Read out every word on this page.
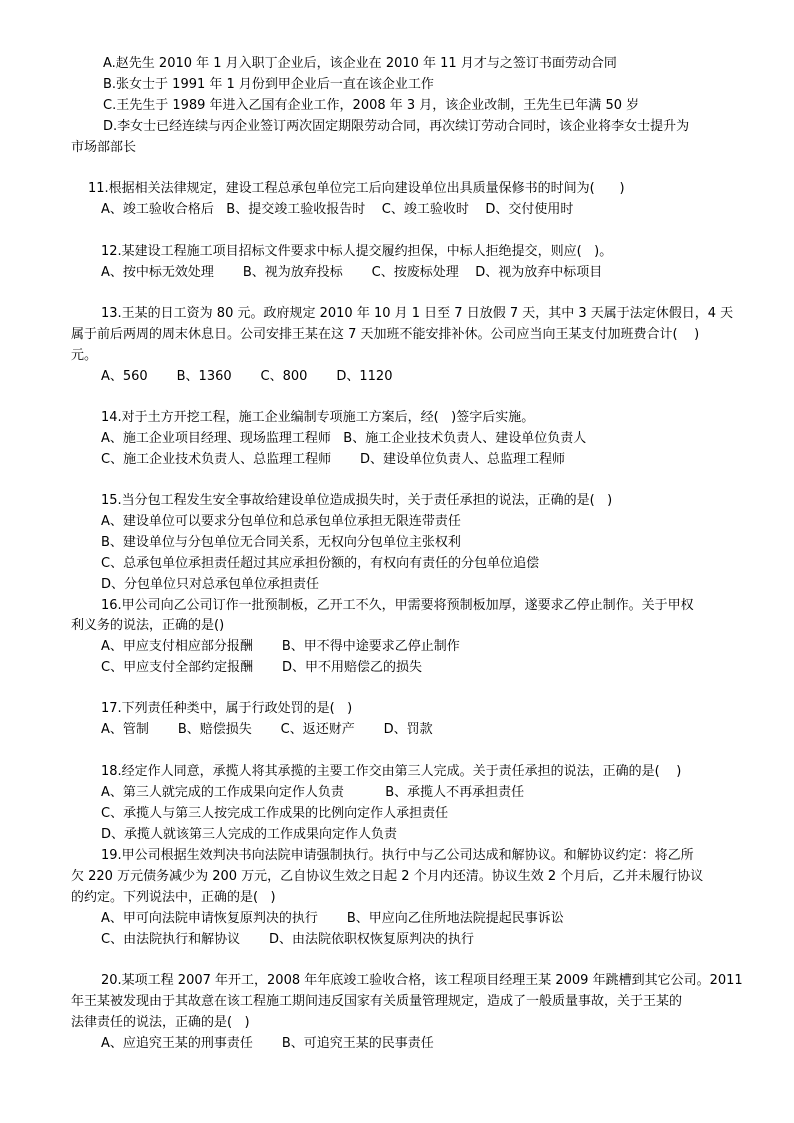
A.赵先生 2010 年 1 月入职丁企业后，该企业在 2010 年 11 月才与之签订书面劳动合同
B.张女士于 1991 年 1 月份到甲企业后一直在该企业工作
C.王先生于 1989 年进入乙国有企业工作，2008 年 3 月，该企业改制，王先生已年满 50 岁
D.李女士已经连续与丙企业签订两次固定期限劳动合同，再次续订劳动合同时，该企业将李女士提升为
市场部部长
11.根据相关法律规定，建设工程总承包单位完工后向建设单位出具质量保修书的时间为(      )
A、竣工验收合格后   B、提交竣工验收报告时    C、竣工验收时    D、交付使用时
12.某建设工程施工项目招标文件要求中标人提交履约担保，中标人拒绝提交，则应(   )。
A、按中标无效处理       B、视为放弃投标       C、按废标处理    D、视为放弃中标项目
13.王某的日工资为 80 元。政府规定 2010 年 10 月 1 日至 7 日放假 7 天，其中 3 天属于法定休假日，4 天
属于前后两周的周末休息日。公司安排王某在这 7 天加班不能安排补休。公司应当向王某支付加班费合计(    )
元。
A、560       B、1360       C、800       D、1120
14.对于土方开挖工程，施工企业编制专项施工方案后，经(   )签字后实施。
A、施工企业项目经理、现场监理工程师   B、施工企业技术负责人、建设单位负责人
C、施工企业技术负责人、总监理工程师       D、建设单位负责人、总监理工程师
15.当分包工程发生安全事故给建设单位造成损失时，关于责任承担的说法，正确的是(   )
A、建设单位可以要求分包单位和总承包单位承担无限连带责任
B、建设单位与分包单位无合同关系，无权向分包单位主张权利
C、总承包单位承担责任超过其应承担份额的，有权向有责任的分包单位追偿
D、分包单位只对总承包单位承担责任
16.甲公司向乙公司订作一批预制板，乙开工不久，甲需要将预制板加厚，遂要求乙停止制作。关于甲权
利义务的说法，正确的是()
A、甲应支付相应部分报酬       B、甲不得中途要求乙停止制作
C、甲应支付全部约定报酬       D、甲不用赔偿乙的损失
17.下列责任种类中，属于行政处罚的是(   )
A、管制       B、赔偿损失       C、返还财产       D、罚款
18.经定作人同意，承揽人将其承揽的主要工作交由第三人完成。关于责任承担的说法，正确的是(    )
A、第三人就完成的工作成果向定作人负责          B、承揽人不再承担责任
C、承揽人与第三人按完成工作成果的比例向定作人承担责任
D、承揽人就该第三人完成的工作成果向定作人负责
19.甲公司根据生效判决书向法院申请强制执行。执行中与乙公司达成和解协议。和解协议约定：将乙所
欠 220 万元债务减少为 200 万元，乙自协议生效之日起 2 个月内还清。协议生效 2 个月后，乙并未履行协议
的约定。下列说法中，正确的是(   )
A、甲可向法院申请恢复原判决的执行       B、甲应向乙住所地法院提起民事诉讼
C、由法院执行和解协议       D、由法院依职权恢复原判决的执行
20.某项工程 2007 年开工，2008 年年底竣工验收合格，该工程项目经理王某 2009 年跳槽到其它公司。2011
年王某被发现由于其故意在该工程施工期间违反国家有关质量管理规定，造成了一般质量事故，关于王某的
法律责任的说法，正确的是(   )
A、应追究王某的刑事责任       B、可追究王某的民事责任
